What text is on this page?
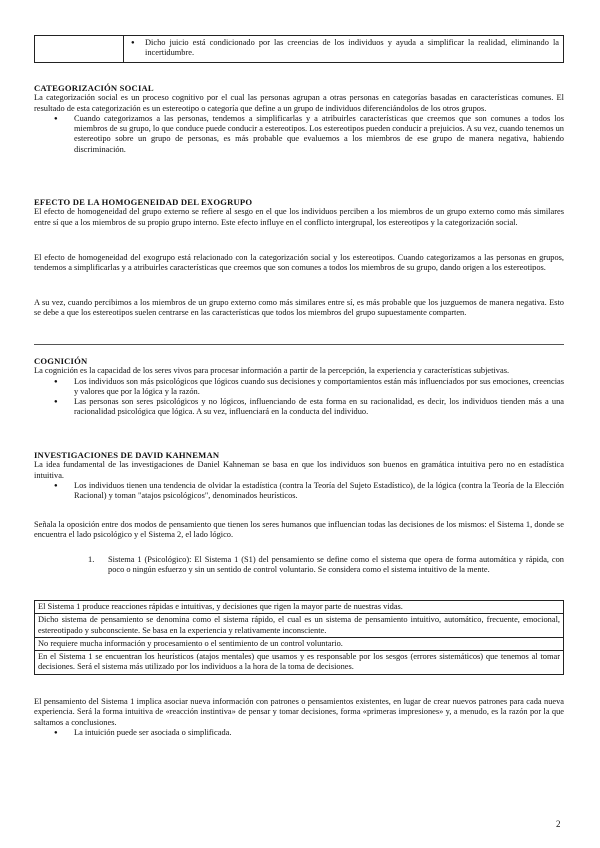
● Dicho juicio está condicionado por las creencias de los individuos y ayuda a simplificar la realidad, eliminando la incertidumbre.
CATEGORIZACIÓN SOCIAL

La categorización social es un proceso cognitivo por el cual las personas agrupan a otras personas en categorías basadas en características comunes. El resultado de esta categorización es un estereotipo o categoría que define a un grupo de individuos diferenciándolos de los otros grupos.

● Cuando categorizamos a las personas, tendemos a simplificarlas y a atribuirles características que creemos que son comunes a todos los miembros de su grupo, lo que conduce puede conducir a estereotipos. Los estereotipos pueden conducir a prejuicios. A su vez, cuando tenemos un estereotipo sobre un grupo de personas, es más probable que evaluemos a los miembros de ese grupo de manera negativa, habiendo discriminación.
EFECTO DE LA HOMOGENEIDAD DEL EXOGRUPO

El efecto de homogeneidad del grupo externo se refiere al sesgo en el que los individuos perciben a los miembros de un grupo externo como más similares entre sí que a los miembros de su propio grupo interno. Este efecto influye en el conflicto intergrupal, los estereotipos y la categorización social.

El efecto de homogeneidad del exogrupo está relacionado con la categorización social y los estereotipos. Cuando categorizamos a las personas en grupos, tendemos a simplificarlas y a atribuirles características que creemos que son comunes a todos los miembros de su grupo, dando origen a los estereotipos.

A su vez, cuando percibimos a los miembros de un grupo externo como más similares entre sí, es más probable que los juzguemos de manera negativa. Esto se debe a que los estereotipos suelen centrarse en las características que todos los miembros del grupo supuestamente comparten.

COGNICIÓN

La cognición es la capacidad de los seres vivos para procesar información a partir de la percepción, la experiencia y características subjetivas.

● Los individuos son más psicológicos que lógicos cuando sus decisiones y comportamientos están más influenciados por sus emociones, creencias y valores que por la lógica y la razón.
● Las personas son seres psicológicos y no lógicos, influenciando de esta forma en su racionalidad, es decir, los individuos tienden más a una racionalidad psicológica que lógica. A su vez, influenciará en la conducta del individuo.
INVESTIGACIONES DE DAVID KAHNEMAN

La idea fundamental de las investigaciones de Daniel Kahneman se basa en que los individuos son buenos en gramática intuitiva pero no en estadística intuitiva.

● Los individuos tienen una tendencia de olvidar la estadística (contra la Teoría del Sujeto Estadístico), de la lógica (contra la Teoría de la Elección Racional) y toman "atajos psicológicos", denominados heurísticos.

Señala la oposición entre dos modos de pensamiento que tienen los seres humanos que influencian todas las decisiones de los mismos: el Sistema 1, donde se encuentra el lado psicológico y el Sistema 2, el lado lógico.

1. Sistema 1 (Psicológico): El Sistema 1 (S1) del pensamiento se define como el sistema que opera de forma automática y rápida, con poco o ningún esfuerzo y sin un sentido de control voluntario. Se considera como el sistema intuitivo de la mente.

El Sistema 1 produce reacciones rápidas e intuitivas, y decisiones que rigen la mayor parte de nuestras vidas.
Dicho sistema de pensamiento se denomina como el sistema rápido, el cual es un sistema de pensamiento intuitivo, automático, frecuente, emocional, estereotipado y subconsciente. Se basa en la experiencia y relativamente inconsciente.
No requiere mucha información y procesamiento o el sentimiento de un control voluntario.
En el Sistema 1 se encuentran los heurísticos (atajos mentales) que usamos y es responsable por los sesgos (errores sistemáticos) que tenemos al tomar decisiones. Será el sistema más utilizado por los individuos a la hora de la toma de decisiones.

El pensamiento del Sistema 1 implica asociar nueva información con patrones o pensamientos existentes, en lugar de crear nuevos patrones para cada nueva experiencia. Será la forma intuitiva de «reacción instintiva» de pensar y tomar decisiones, forma «primeras impresiones» y, a menudo, es la razón por la que saltamos a conclusiones.

● La intuición puede ser asociada o simplificada.
2
